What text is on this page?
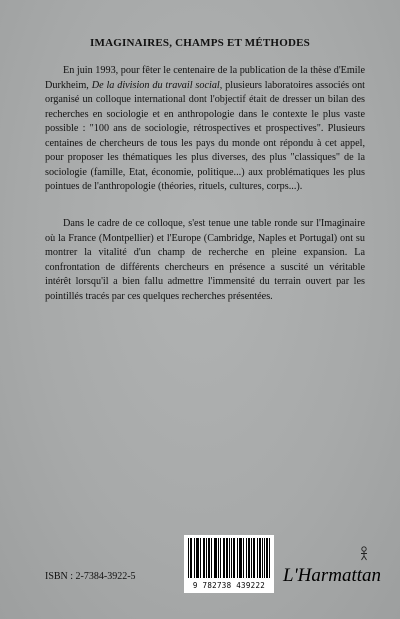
IMAGINAIRES, CHAMPS ET MÉTHODES

En juin 1993, pour fêter le centenaire de la publication de la thèse d'Emile Durkheim, De la division du travail social, plusieurs laboratoires associés ont organisé un colloque international dont l'objectif était de dresser un bilan des recherches en sociologie et en anthropologie dans le contexte le plus vaste possible : "100 ans de sociologie, rétrospectives et prospectives". Plusieurs centaines de chercheurs de tous les pays du monde ont répondu à cet appel, pour proposer les thématiques les plus diverses, des plus "classiques" de la sociologie (famille, Etat, économie, politique...) aux problématiques les plus pointues de l'anthropologie (théories, rituels, cultures, corps...).

Dans le cadre de ce colloque, s'est tenue une table ronde sur l'Imaginaire où la France (Montpellier) et l'Europe (Cambridge, Naples et Portugal) ont su montrer la vitalité d'un champ de recherche en pleine expansion. La confrontation de différents chercheurs en présence a suscité un véritable intérêt lorsqu'il a bien fallu admettre l'immensité du terrain ouvert par les pointillés tracés par ces quelques recherches présentées.

ISBN : 2-7384-3922-5
9 782738 439222 L'Harmattan
